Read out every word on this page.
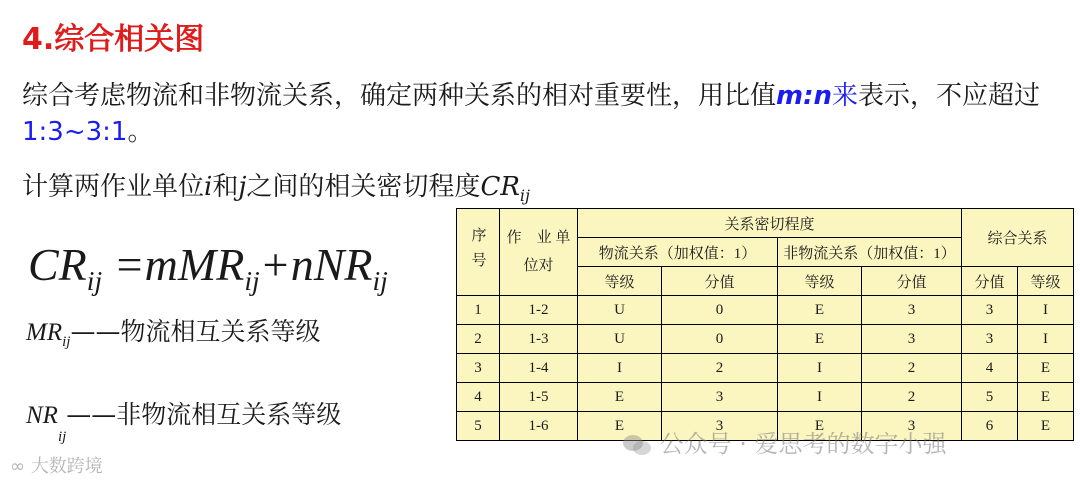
4.综合相关图
综合考虑物流和非物流关系，确定两种关系的相对重要性，用比值m:n来表示，不应超过1:3~3:1。
计算两作业单位i和j之间的相关密切程度$CR_{ij}$
$CR_{ij} =mMR_{ij}+nNR_{ij}$
$MR_{ij}——$物流相互关系等级
$NR_{ij}——$非物流相互关系等级
序号	作　业 单位对	关系密切程度				综合关系	
		物流关系（加权值：1）		非物流关系（加权值：1）			
		等级	分值	等级	分值	分值	等级
1	1-2	U	0	E	3	3	I
2	1-3	U	0	E	3	3	I
3	1-4	I	2	I	2	4	E
4	1-5	E	3	I	2	5	E
5	1-6	E	3	E	3	6	E
公众号 · 爱思考的数字小强
∞ 大数跨境
